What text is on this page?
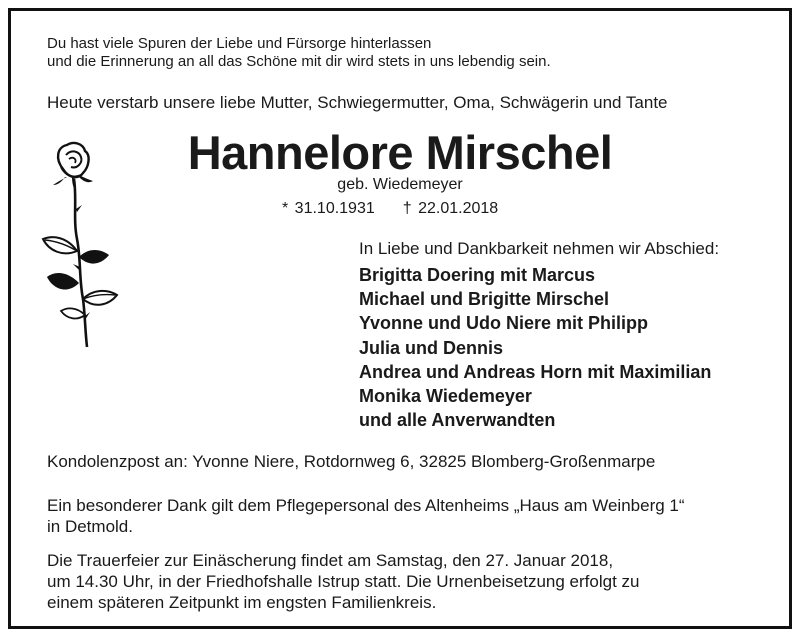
Du hast viele Spuren der Liebe und Fürsorge hinterlassen
und die Erinnerung an all das Schöne mit dir wird stets in uns lebendig sein.
Heute verstarb unsere liebe Mutter, Schwiegermutter, Oma, Schwägerin und Tante
Hannelore Mirschel
geb. Wiedemeyer
* 31.10.1931 † 22.01.2018
In Liebe und Dankbarkeit nehmen wir Abschied:
Brigitta Doering mit Marcus
Michael und Brigitte Mirschel
Yvonne und Udo Niere mit Philipp
Julia und Dennis
Andrea und Andreas Horn mit Maximilian
Monika Wiedemeyer
und alle Anverwandten
Kondolenzpost an: Yvonne Niere, Rotdornweg 6, 32825 Blomberg-Großenmarpe
Ein besonderer Dank gilt dem Pflegepersonal des Altenheims „Haus am Weinberg 1“
in Detmold.
Die Trauerfeier zur Einäscherung findet am Samstag, den 27. Januar 2018,
um 14.30 Uhr, in der Friedhofshalle Istrup statt. Die Urnenbeisetzung erfolgt zu
einem späteren Zeitpunkt im engsten Familienkreis.
